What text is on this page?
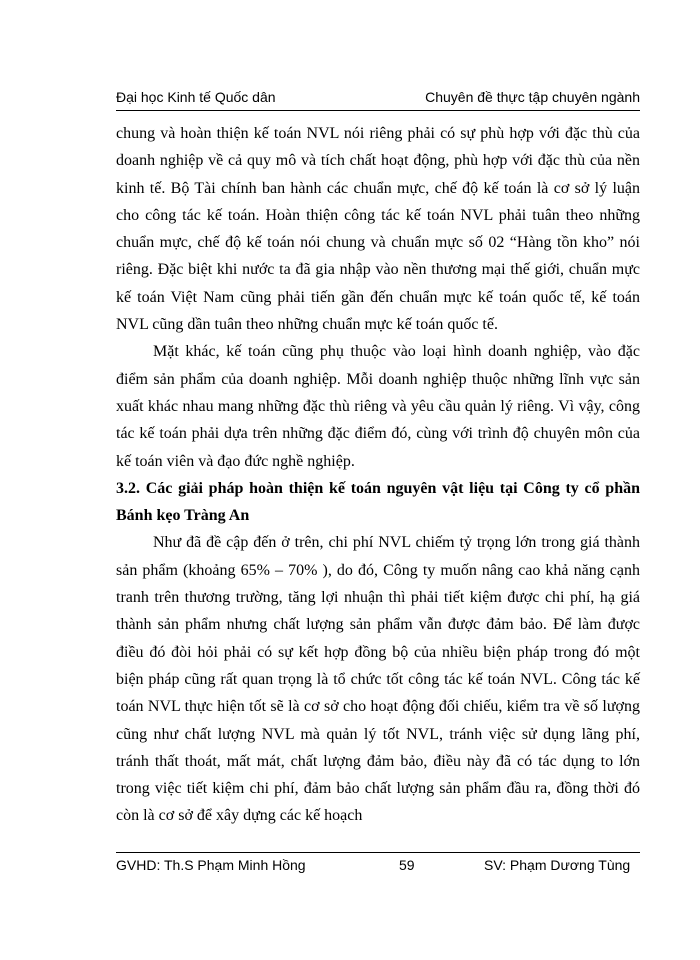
Đại học Kinh tế Quốc dân	Chuyên đề thực tập chuyên ngành

chung và hoàn thiện kế toán NVL nói riêng phải có sự phù hợp với đặc thù của doanh nghiệp về cả quy mô và tích chất hoạt động, phù hợp với đặc thù của nền kinh tế. Bộ Tài chính ban hành các chuẩn mực, chế độ kế toán là cơ sở lý luận cho công tác kế toán. Hoàn thiện công tác kế toán NVL phải tuân theo những chuẩn mực, chế độ kế toán nói chung và chuẩn mực số 02 “Hàng tồn kho” nói riêng. Đặc biệt khi nước ta đã gia nhập vào nền thương mại thế giới, chuẩn mực kế toán Việt Nam cũng phải tiến gần đến chuẩn mực kế toán quốc tế, kế toán NVL cũng dần tuân theo những chuẩn mực kế toán quốc tế.

Mặt khác, kế toán cũng phụ thuộc vào loại hình doanh nghiệp, vào đặc điểm sản phẩm của doanh nghiệp. Mỗi doanh nghiệp thuộc những lĩnh vực sản xuất khác nhau mang những đặc thù riêng và yêu cầu quản lý riêng. Vì vậy, công tác kế toán phải dựa trên những đặc điểm đó, cùng với trình độ chuyên môn của kế toán viên và đạo đức nghề nghiệp.

3.2. Các giải pháp hoàn thiện kế toán nguyên vật liệu tại Công ty cổ phần Bánh kẹo Tràng An

Như đã đề cập đến ở trên, chi phí NVL chiếm tỷ trọng lớn trong giá thành sản phẩm (khoảng 65% – 70% ), do đó, Công ty muốn nâng cao khả năng cạnh tranh trên thương trường, tăng lợi nhuận thì phải tiết kiệm được chi phí, hạ giá thành sản phẩm nhưng chất lượng sản phẩm vẫn được đảm bảo. Để làm được điều đó đòi hỏi phải có sự kết hợp đồng bộ của nhiều biện pháp trong đó một biện pháp cũng rất quan trọng là tổ chức tốt công tác kế toán NVL. Công tác kế toán NVL thực hiện tốt sẽ là cơ sở cho hoạt động đối chiếu, kiểm tra về số lượng cũng như chất lượng NVL mà quản lý tốt NVL, tránh việc sử dụng lãng phí, tránh thất thoát, mất mát, chất lượng đảm bảo, điều này đã có tác dụng to lớn trong việc tiết kiệm chi phí, đảm bảo chất lượng sản phẩm đầu ra, đồng thời đó còn là cơ sở để xây dựng các kế hoạch

GVHD: Th.S Phạm Minh Hồng	59	SV: Phạm Dương Tùng
